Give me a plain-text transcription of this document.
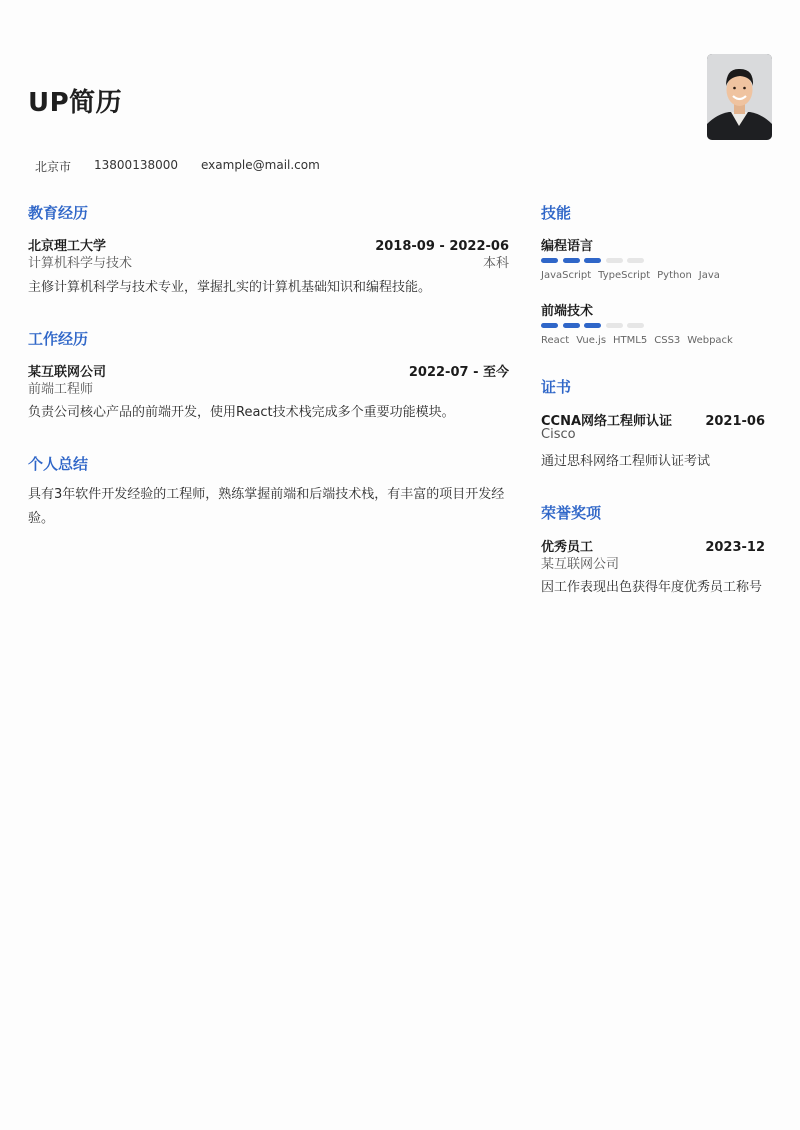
UP简历
北京市 13800138000 example@mail.com
教育经历
北京理工大学	2018-09 - 2022-06
计算机科学与技术	本科
主修计算机科学与技术专业，掌握扎实的计算机基础知识和编程技能。
工作经历
某互联网公司	2022-07 - 至今
前端工程师
负责公司核心产品的前端开发，使用React技术栈完成多个重要功能模块。
个人总结
具有3年软件开发经验的工程师，熟练掌握前端和后端技术栈，有丰富的项目开发经验。
技能
编程语言
JavaScript TypeScript Python Java
前端技术
React Vue.js HTML5 CSS3 Webpack
证书
CCNA网络工程师认证	2021-06
Cisco
通过思科网络工程师认证考试
荣誉奖项
优秀员工	2023-12
某互联网公司
因工作表现出色获得年度优秀员工称号
